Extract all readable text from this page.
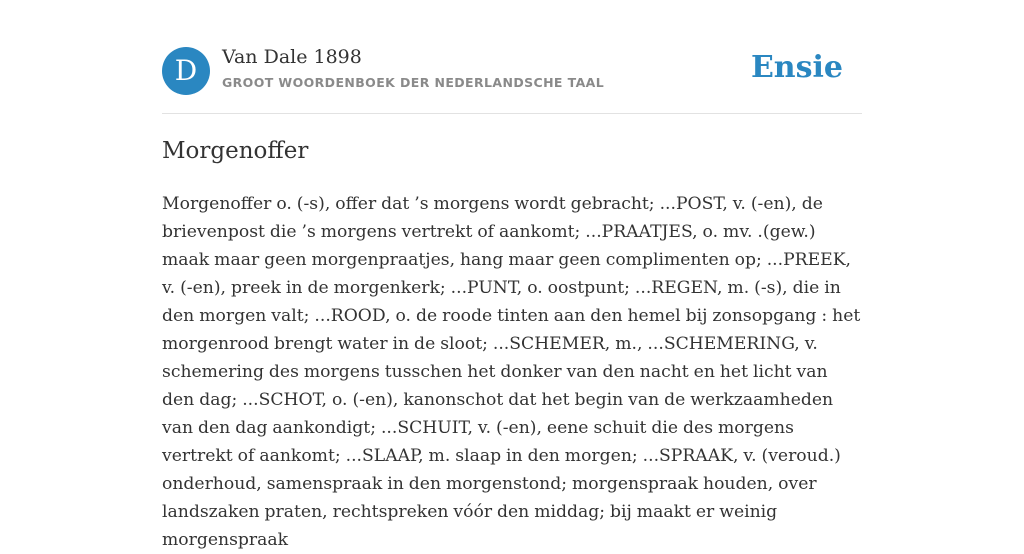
D	Van Dale 1898
GROOT WOORDENBOEK DER NEDERLANDSCHE TAAL	Ensie
Morgenoffer

Morgenoffer o. (-s), offer dat ’s morgens wordt gebracht; ...POST, v. (-en), de brievenpost die ’s morgens vertrekt of aankomt; ...PRAATJES, o. mv. .(gew.) maak maar geen morgenpraatjes, hang maar geen complimenten op; ...PREEK, v. (-en), preek in de morgenkerk; ...PUNT, o. oostpunt; ...REGEN, m. (-s), die in den morgen valt; ...ROOD, o. de roode tinten aan den hemel bij zonsopgang : het morgenrood brengt water in de sloot; ...SCHEMER, m., ...SCHEMERING, v. schemering des morgens tusschen het donker van den nacht en het licht van den dag; ...SCHOT, o. (-en), kanonschot dat het begin van de werkzaamheden van den dag aankondigt; ...SCHUIT, v. (-en), eene schuit die des morgens vertrekt of aankomt; ...SLAAP, m. slaap in den morgen; ...SPRAAK, v. (veroud.) onderhoud, samenspraak in den morgenstond; morgenspraak houden, over landszaken praten, rechtspreken vóór den middag; bij maakt er weinig morgenspraak
